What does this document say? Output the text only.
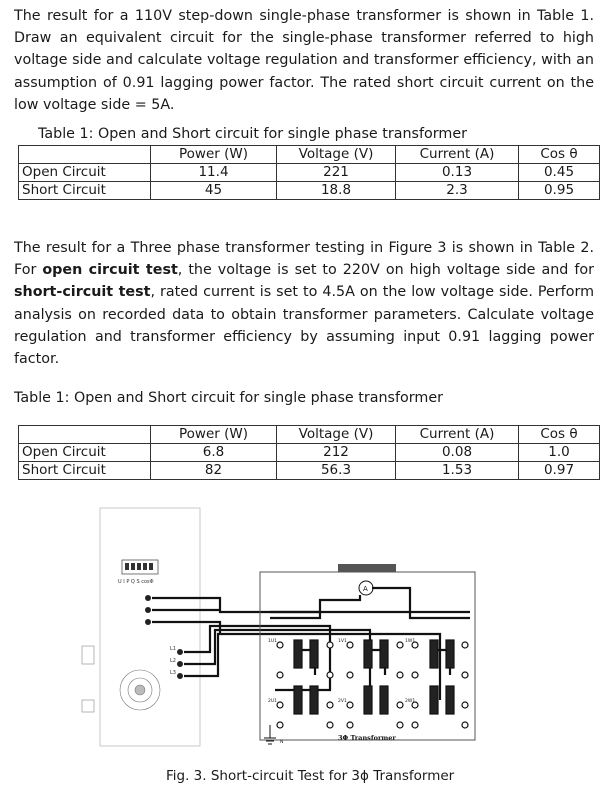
The result for a 110V step-down single-phase transformer is shown in Table 1. Draw an equivalent circuit for the single-phase transformer referred to high voltage side and calculate voltage regulation and transformer efficiency, with an assumption of 0.91 lagging power factor. The rated short circuit current on the low voltage side = 5A.

Table 1: Open and Short circuit for single phase transformer

	Power (W)	Voltage (V)	Current (A)	Cos θ
Open Circuit	11.4	221	0.13	0.45
Short Circuit	45	18.8	2.3	0.95

The result for a Three phase transformer testing in Figure 3 is shown in Table 2. For open circuit test, the voltage is set to 220V on high voltage side and for short-circuit test, rated current is set to 4.5A on the low voltage side. Perform analysis on recorded data to obtain transformer parameters. Calculate voltage regulation and transformer efficiency by assuming input 0.91 lagging power factor.

Table 1: Open and Short circuit for single phase transformer

	Power (W)	Voltage (V)	Current (A)	Cos θ
Open Circuit	6.8	212	0.08	1.0
Short Circuit	82	56.3	1.53	0.97
U I P Q S cosΦ
L1
L2
L3
A
1U1	1V1	1W1
2U1	2V1	2W1
N
3Φ Transformer

Fig. 3. Short-circuit Test for 3ϕ Transformer
